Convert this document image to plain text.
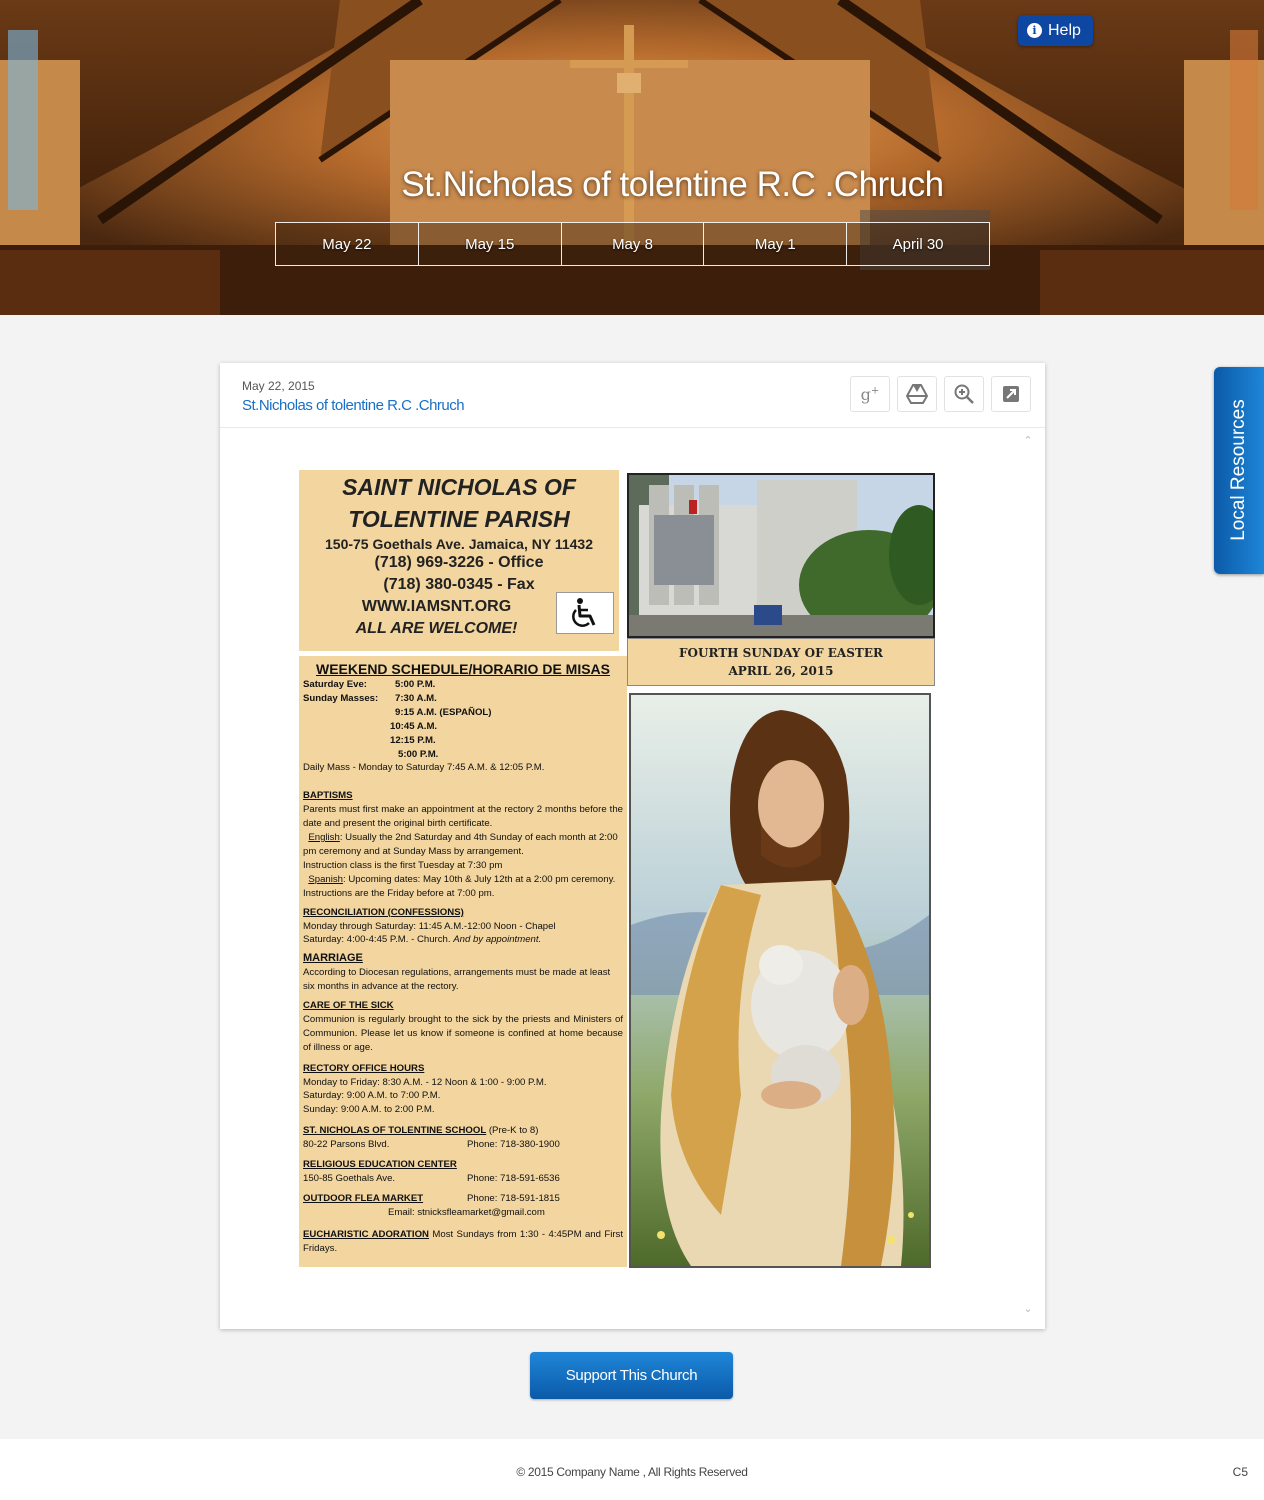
i Help
St.Nicholas of tolentine R.C .Chruch
May 22	May 15	May 8	May 1	April 30
May 22, 2015
St.Nicholas of tolentine R.C .Chruch
g+
⌃
⌄
SAINT NICHOLAS OF
TOLENTINE PARISH
150-75 Goethals Ave. Jamaica, NY 11432
(718) 969-3226 - Office
(718) 380-0345 - Fax
WWW.IAMSNT.ORG
ALL ARE WELCOME!
FOURTH SUNDAY OF EASTER
APRIL 26, 2015
WEEKEND SCHEDULE/HORARIO DE MISAS
Saturday Eve:	5:00 P.M.
Sunday Masses:	7:30 A.M.
9:15 A.M. (ESPAÑOL)
10:45 A.M.
12:15 P.M.
5:00 P.M.
Daily Mass - Monday to Saturday 7:45 A.M. & 12:05 P.M.
BAPTISMS
Parents must first make an appointment at the rectory 2 months before the date and present the original birth certificate.
English: Usually the 2nd Saturday and 4th Sunday of each month at 2:00 pm ceremony and at Sunday Mass by arrangement.
Instruction class is the first Tuesday at 7:30 pm
Spanish: Upcoming dates: May 10th & July 12th at a 2:00 pm ceremony. Instructions are the Friday before at 7:00 pm.
RECONCILIATION (CONFESSIONS)
Monday through Saturday: 11:45 A.M.-12:00 Noon - Chapel
Saturday: 4:00-4:45 P.M. - Church. And by appointment.
MARRIAGE
According to Diocesan regulations, arrangements must be made at least six months in advance at the rectory.
CARE OF THE SICK
Communion is regularly brought to the sick by the priests and Ministers of Communion. Please let us know if someone is confined at home because of illness or age.
RECTORY OFFICE HOURS
Monday to Friday: 8:30 A.M. - 12 Noon & 1:00 - 9:00 P.M.
Saturday: 9:00 A.M. to 7:00 P.M.
Sunday: 9:00 A.M. to 2:00 P.M.
ST. NICHOLAS OF TOLENTINE SCHOOL (Pre-K to 8)
80-22 Parsons Blvd.	Phone: 718-380-1900
RELIGIOUS EDUCATION CENTER
150-85 Goethals Ave.	Phone: 718-591-6536
OUTDOOR FLEA MARKET	Phone: 718-591-1815
Email: stnicksfleamarket@gmail.com
EUCHARISTIC ADORATION Most Sundays from 1:30 - 4:45PM and First Fridays.
Support This Church
Local Resources
© 2015 Company Name , All Rights Reserved	C5
